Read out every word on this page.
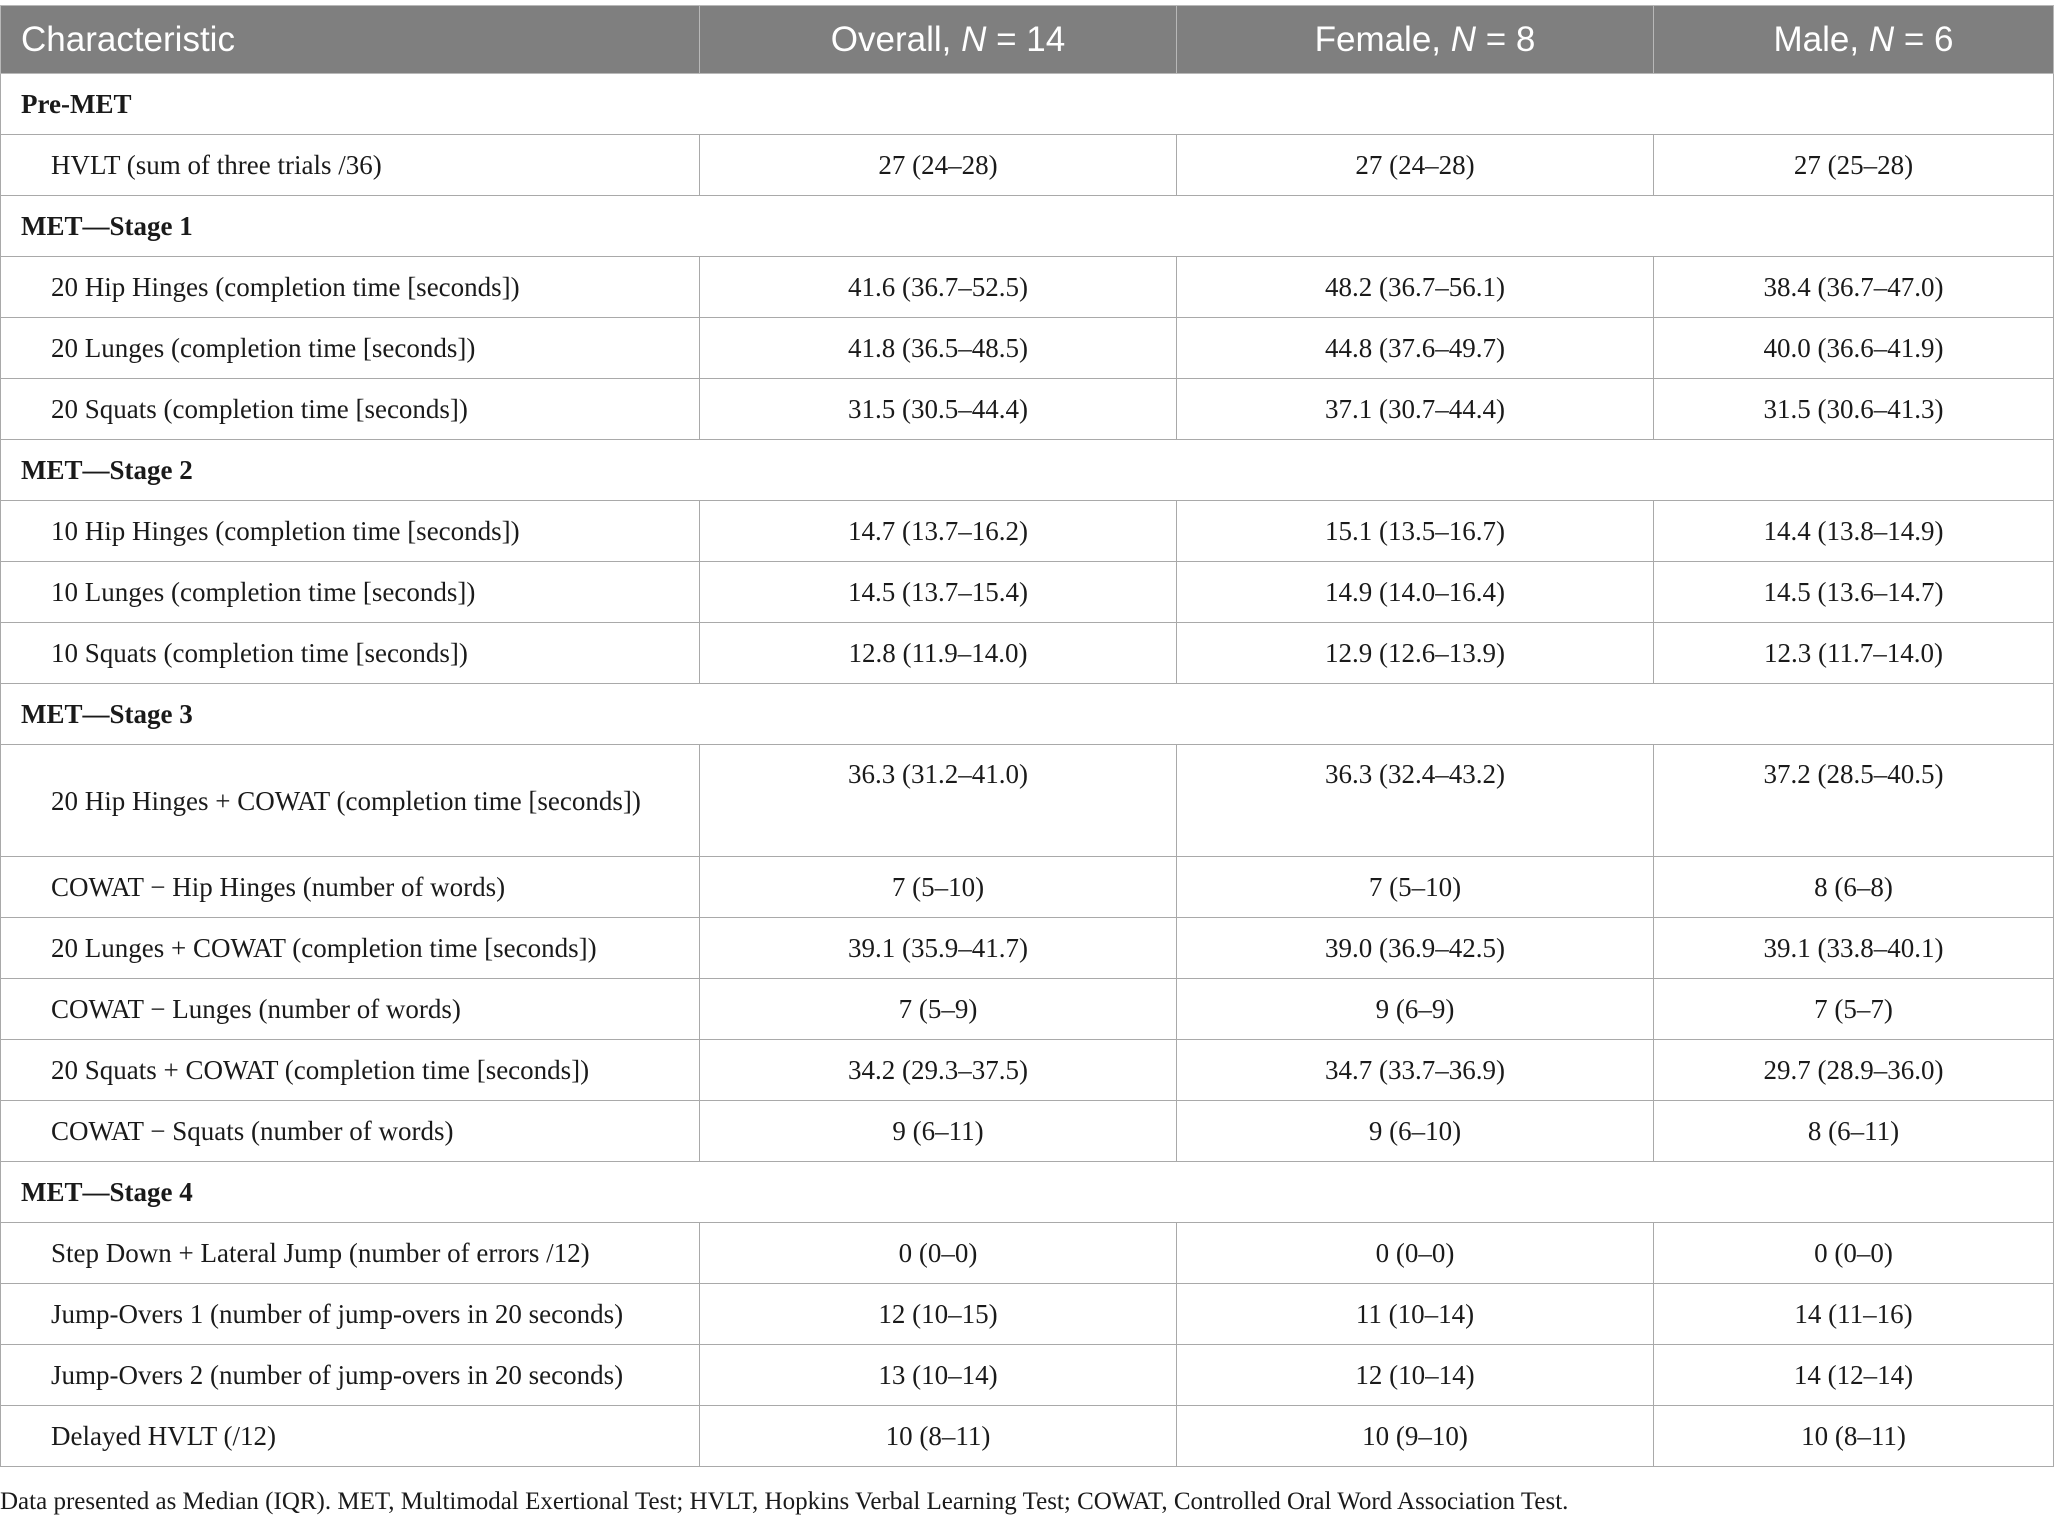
Characteristic	Overall, N = 14	Female, N = 8	Male, N = 6
Pre-MET			
HVLT (sum of three trials /36)	27 (24–28)	27 (24–28)	27 (25–28)
MET—Stage 1			
20 Hip Hinges (completion time [seconds])	41.6 (36.7–52.5)	48.2 (36.7–56.1)	38.4 (36.7–47.0)
20 Lunges (completion time [seconds])	41.8 (36.5–48.5)	44.8 (37.6–49.7)	40.0 (36.6–41.9)
20 Squats (completion time [seconds])	31.5 (30.5–44.4)	37.1 (30.7–44.4)	31.5 (30.6–41.3)
MET—Stage 2			
10 Hip Hinges (completion time [seconds])	14.7 (13.7–16.2)	15.1 (13.5–16.7)	14.4 (13.8–14.9)
10 Lunges (completion time [seconds])	14.5 (13.7–15.4)	14.9 (14.0–16.4)	14.5 (13.6–14.7)
10 Squats (completion time [seconds])	12.8 (11.9–14.0)	12.9 (12.6–13.9)	12.3 (11.7–14.0)
MET—Stage 3			
20 Hip Hinges + COWAT (completion time [seconds])	36.3 (31.2–41.0)	36.3 (32.4–43.2)	37.2 (28.5–40.5)
COWAT − Hip Hinges (number of words)	7 (5–10)	7 (5–10)	8 (6–8)
20 Lunges + COWAT (completion time [seconds])	39.1 (35.9–41.7)	39.0 (36.9–42.5)	39.1 (33.8–40.1)
COWAT − Lunges (number of words)	7 (5–9)	9 (6–9)	7 (5–7)
20 Squats + COWAT (completion time [seconds])	34.2 (29.3–37.5)	34.7 (33.7–36.9)	29.7 (28.9–36.0)
COWAT − Squats (number of words)	9 (6–11)	9 (6–10)	8 (6–11)
MET—Stage 4			
Step Down + Lateral Jump (number of errors /12)	0 (0–0)	0 (0–0)	0 (0–0)
Jump-Overs 1 (number of jump-overs in 20 seconds)	12 (10–15)	11 (10–14)	14 (11–16)
Jump-Overs 2 (number of jump-overs in 20 seconds)	13 (10–14)	12 (10–14)	14 (12–14)
Delayed HVLT (/12)	10 (8–11)	10 (9–10)	10 (8–11)
Data presented as Median (IQR). MET, Multimodal Exertional Test; HVLT, Hopkins Verbal Learning Test; COWAT, Controlled Oral Word Association Test.
